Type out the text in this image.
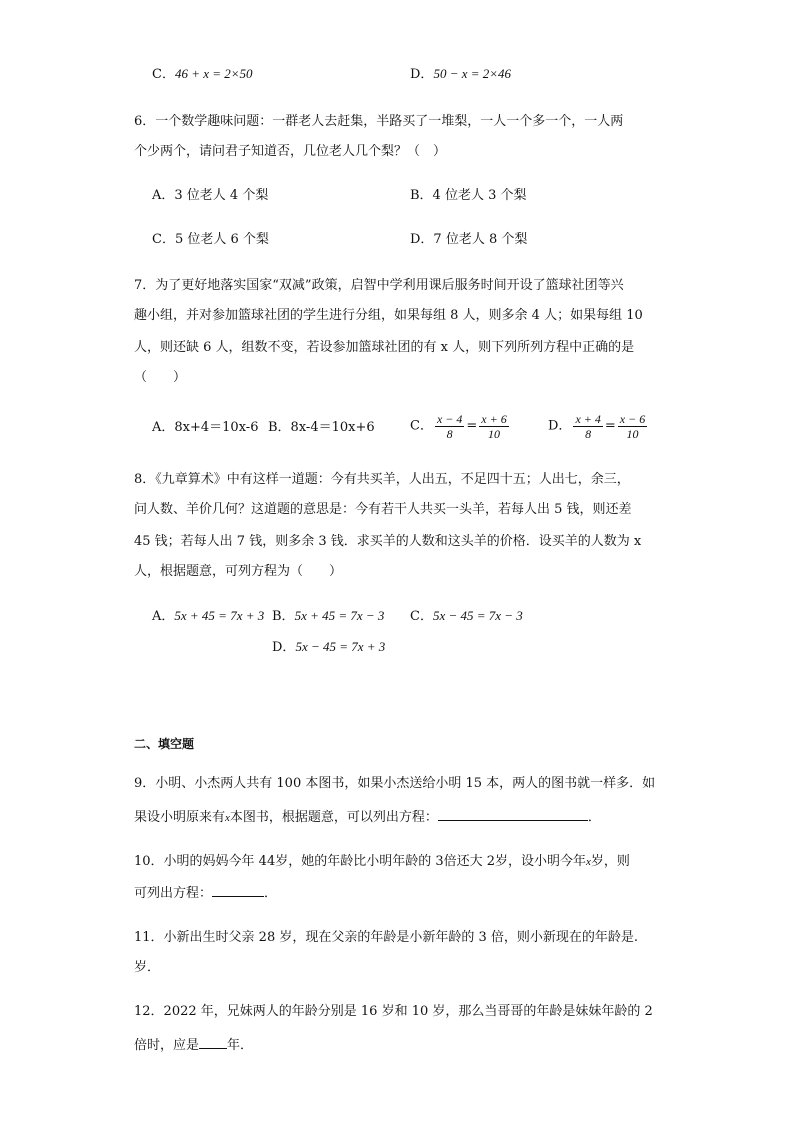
C．46 + x = 2×50	D．50 − x = 2×46
6．一个数学趣味问题：一群老人去赶集，半路买了一堆梨，一人一个多一个，一人两
个少两个，请问君子知道否，几位老人几个梨？（　）
A．3 位老人 4 个梨	B．4 位老人 3 个梨
C．5 位老人 6 个梨	D．7 位老人 8 个梨
7．为了更好地落实国家“双减”政策，启智中学利用课后服务时间开设了篮球社团等兴
趣小组，并对参加篮球社团的学生进行分组，如果每组 8 人，则多余 4 人；如果每组 10
人，则还缺 6 人，组数不变，若设参加篮球社团的有 x 人，则下列所列方程中正确的是
（　　）
A．8x+4＝10x-6 B．8x-4＝10x+6	C． $\frac{x - 4}{8} = \frac{x + 6}{10}$	D． $\frac{x + 4}{8} = \frac{x - 6}{10}$
8．《九章算术》中有这样一道题：今有共买羊，人出五，不足四十五；人出七，余三，
问人数、羊价几何？这道题的意思是：今有若干人共买一头羊，若每人出 5 钱，则还差
45 钱；若每人出 7 钱，则多余 3 钱．求买羊的人数和这头羊的价格．设买羊的人数为 x
人，根据题意，可列方程为（　　）
A．5x + 45 = 7x + 3 B．5x + 45 = 7x − 3 C．5x − 45 = 7x − 3
D．5x − 45 = 7x + 3
二、填空题
9．小明、小杰两人共有 100 本图书，如果小杰送给小明 15 本，两人的图书就一样多．如
果设小明原来有x本图书，根据题意，可以列出方程：	．
10．小明的妈妈今年 44岁，她的年龄比小明年龄的 3倍还大 2岁，设小明今年x岁，则
可列出方程：	．
11．小新出生时父亲 28 岁，现在父亲的年龄是小新年龄的 3 倍，则小新现在的年龄是.
岁．
12．2022 年，兄妹两人的年龄分别是 16 岁和 10 岁，那么当哥哥的年龄是妹妹年龄的 2
倍时，应是 年．
